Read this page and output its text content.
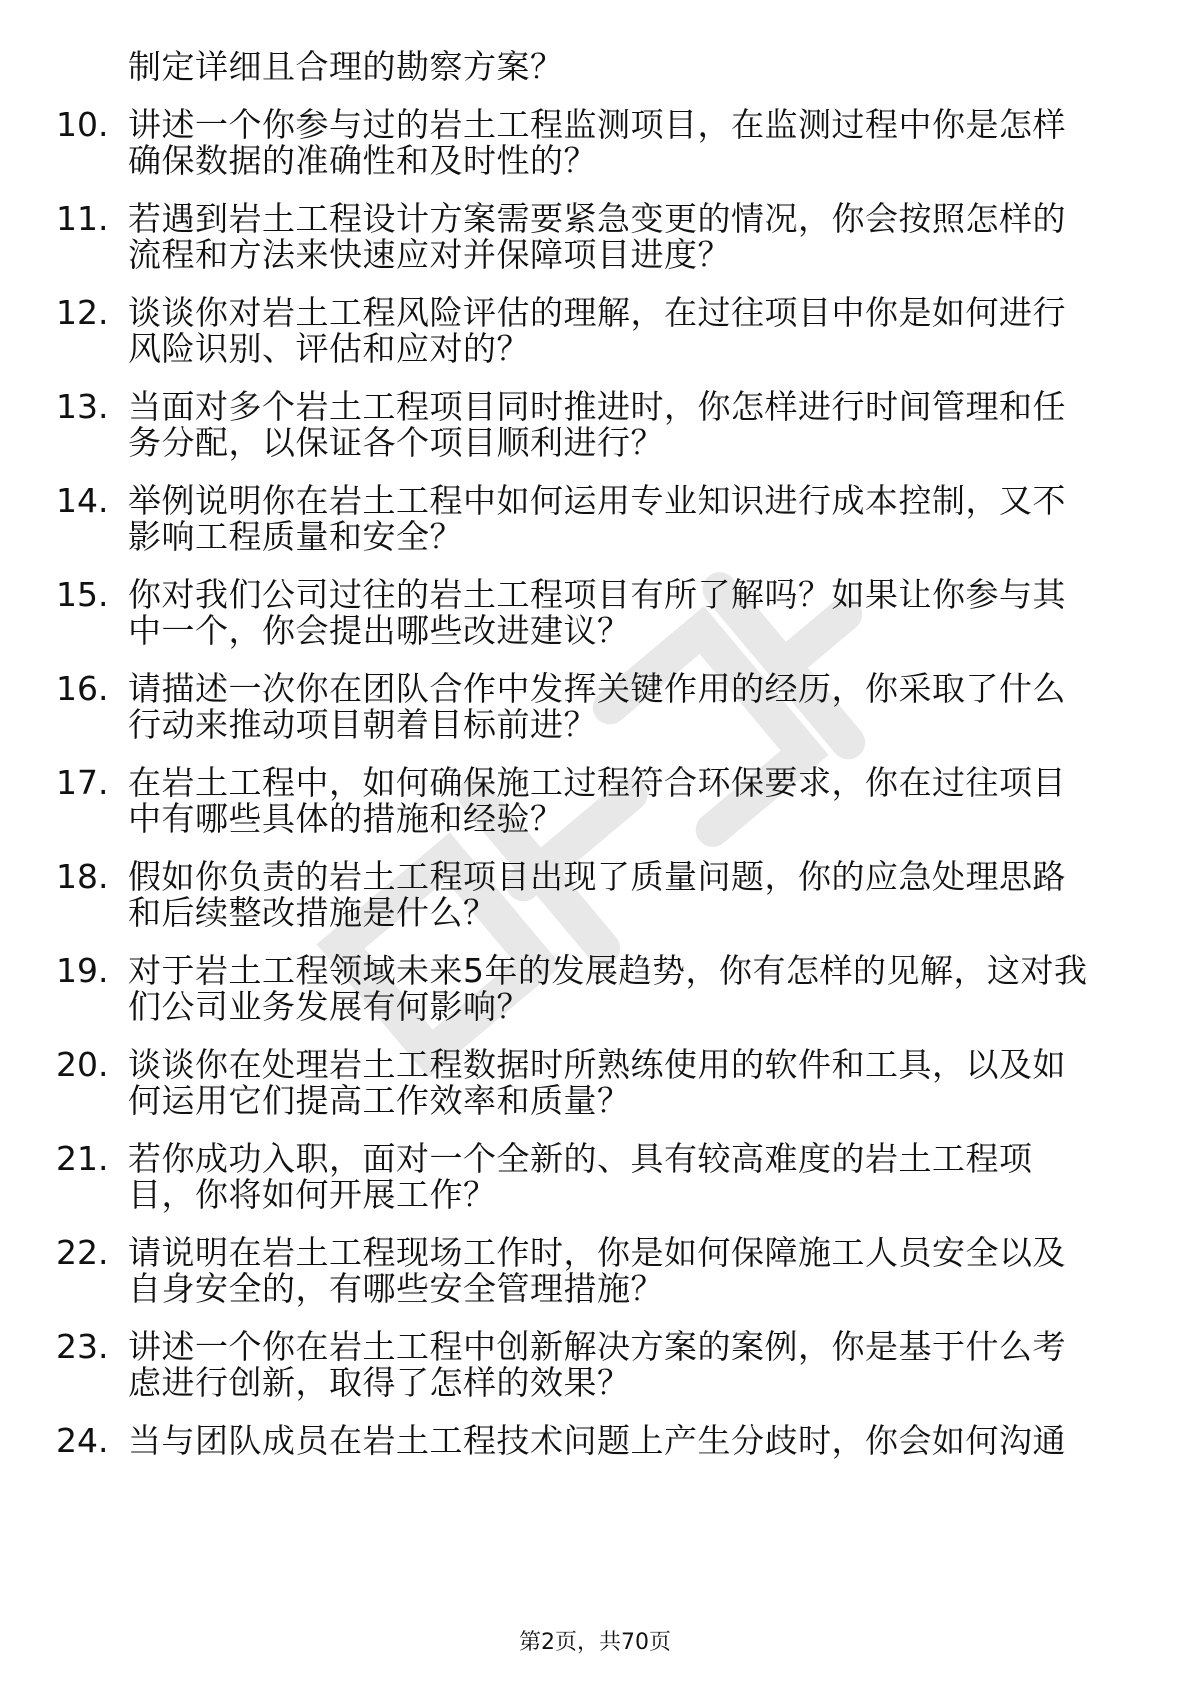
制定详细且合理的勘察方案？
10. 讲述一个你参与过的岩土工程监测项目，在监测过程中你是怎样
确保数据的准确性和及时性的？
11. 若遇到岩土工程设计方案需要紧急变更的情况，你会按照怎样的
流程和方法来快速应对并保障项目进度？
12. 谈谈你对岩土工程风险评估的理解，在过往项目中你是如何进行
风险识别、评估和应对的？
13. 当面对多个岩土工程项目同时推进时，你怎样进行时间管理和任
务分配，以保证各个项目顺利进行？
14. 举例说明你在岩土工程中如何运用专业知识进行成本控制，又不
影响工程质量和安全？
15. 你对我们公司过往的岩土工程项目有所了解吗？如果让你参与其
中一个，你会提出哪些改进建议？
16. 请描述一次你在团队合作中发挥关键作用的经历，你采取了什么
行动来推动项目朝着目标前进？
17. 在岩土工程中，如何确保施工过程符合环保要求，你在过往项目
中有哪些具体的措施和经验？
18. 假如你负责的岩土工程项目出现了质量问题，你的应急处理思路
和后续整改措施是什么？
19. 对于岩土工程领域未来5年的发展趋势，你有怎样的见解，这对我
们公司业务发展有何影响？
20. 谈谈你在处理岩土工程数据时所熟练使用的软件和工具，以及如
何运用它们提高工作效率和质量？
21. 若你成功入职，面对一个全新的、具有较高难度的岩土工程项
目，你将如何开展工作？
22. 请说明在岩土工程现场工作时，你是如何保障施工人员安全以及
自身安全的，有哪些安全管理措施？
23. 讲述一个你在岩土工程中创新解决方案的案例，你是基于什么考
虑进行创新，取得了怎样的效果？
24. 当与团队成员在岩土工程技术问题上产生分歧时，你会如何沟通
第2页，共70页
